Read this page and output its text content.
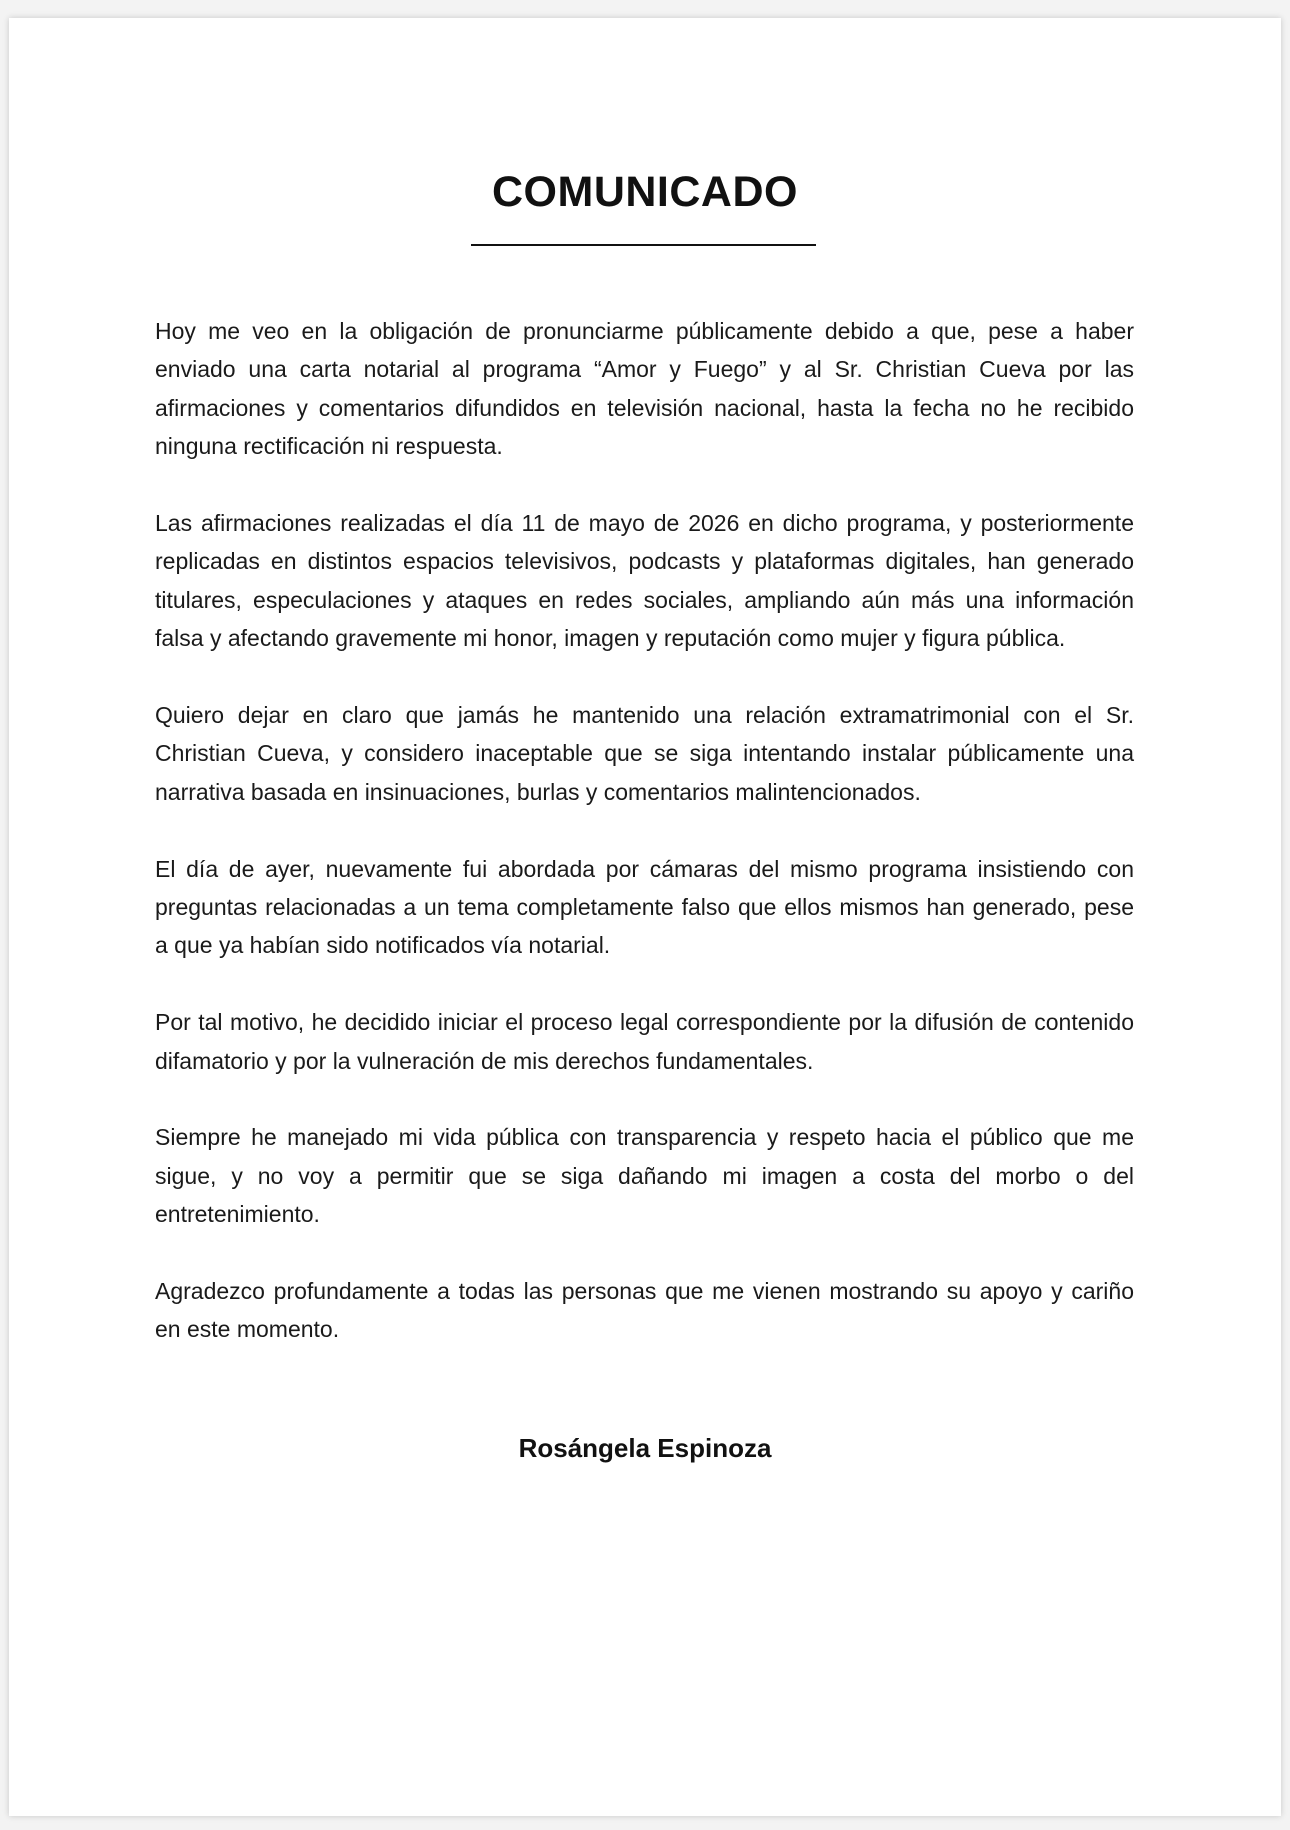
COMUNICADO

Hoy me veo en la obligación de pronunciarme públicamente debido a que, pese a haber enviado una carta notarial al programa “Amor y Fuego” y al Sr. Christian Cueva por las afirmaciones y comentarios difundidos en televisión nacional, hasta la fecha no he recibido ninguna rectificación ni respuesta.

Las afirmaciones realizadas el día 11 de mayo de 2026 en dicho programa, y posteriormente replicadas en distintos espacios televisivos, podcasts y plataformas digitales, han generado titulares, especulaciones y ataques en redes sociales, ampliando aún más una información falsa y afectando gravemente mi honor, imagen y reputación como mujer y figura pública.

Quiero dejar en claro que jamás he mantenido una relación extramatrimonial con el Sr. Christian Cueva, y considero inaceptable que se siga intentando instalar públicamente una narrativa basada en insinuaciones, burlas y comentarios malintencionados.

El día de ayer, nuevamente fui abordada por cámaras del mismo programa insistiendo con preguntas relacionadas a un tema completamente falso que ellos mismos han generado, pese a que ya habían sido notificados vía notarial.

Por tal motivo, he decidido iniciar el proceso legal correspondiente por la difusión de contenido difamatorio y por la vulneración de mis derechos fundamentales.

Siempre he manejado mi vida pública con transparencia y respeto hacia el público que me sigue, y no voy a permitir que se siga dañando mi imagen a costa del morbo o del entretenimiento.

Agradezco profundamente a todas las personas que me vienen mostrando su apoyo y cariño en este momento.

Rosángela Espinoza
